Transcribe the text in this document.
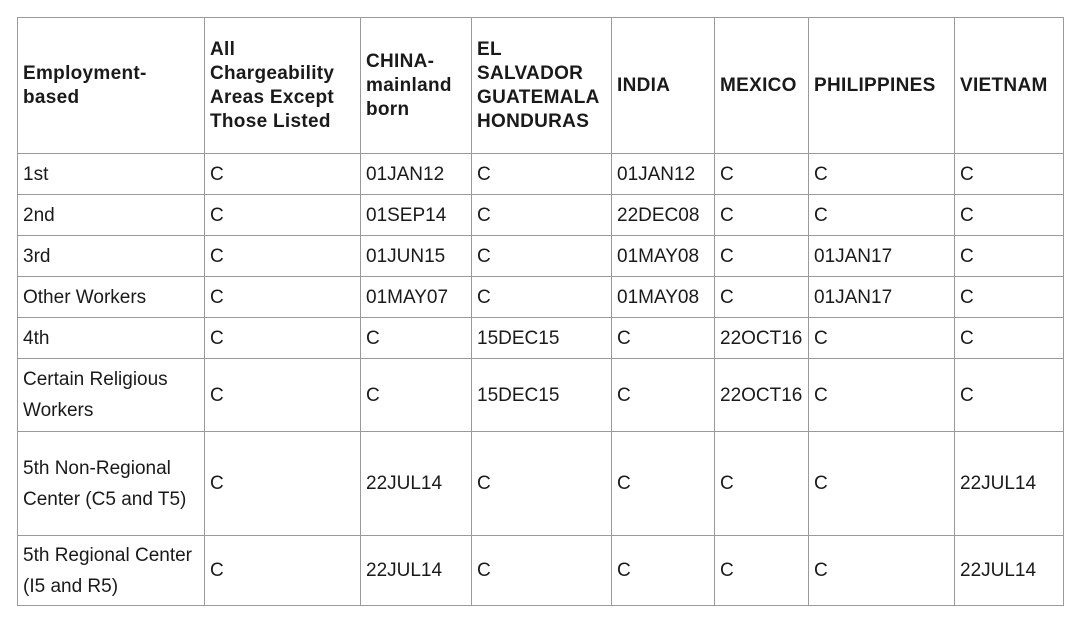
Employment-based	All Chargeability Areas Except Those Listed	CHINA-mainland born	EL SALVADOR GUATEMALA HONDURAS	INDIA	MEXICO	PHILIPPINES	VIETNAM
1st	C	01JAN12	C	01JAN12	C	C	C
2nd	C	01SEP14	C	22DEC08	C	C	C
3rd	C	01JUN15	C	01MAY08	C	01JAN17	C
Other Workers	C	01MAY07	C	01MAY08	C	01JAN17	C
4th	C	C	15DEC15	C	22OCT16	C	C
Certain Religious Workers	C	C	15DEC15	C	22OCT16	C	C
5th Non-Regional Center (C5 and T5)	C	22JUL14	C	C	C	C	22JUL14
5th Regional Center (I5 and R5)	C	22JUL14	C	C	C	C	22JUL14
